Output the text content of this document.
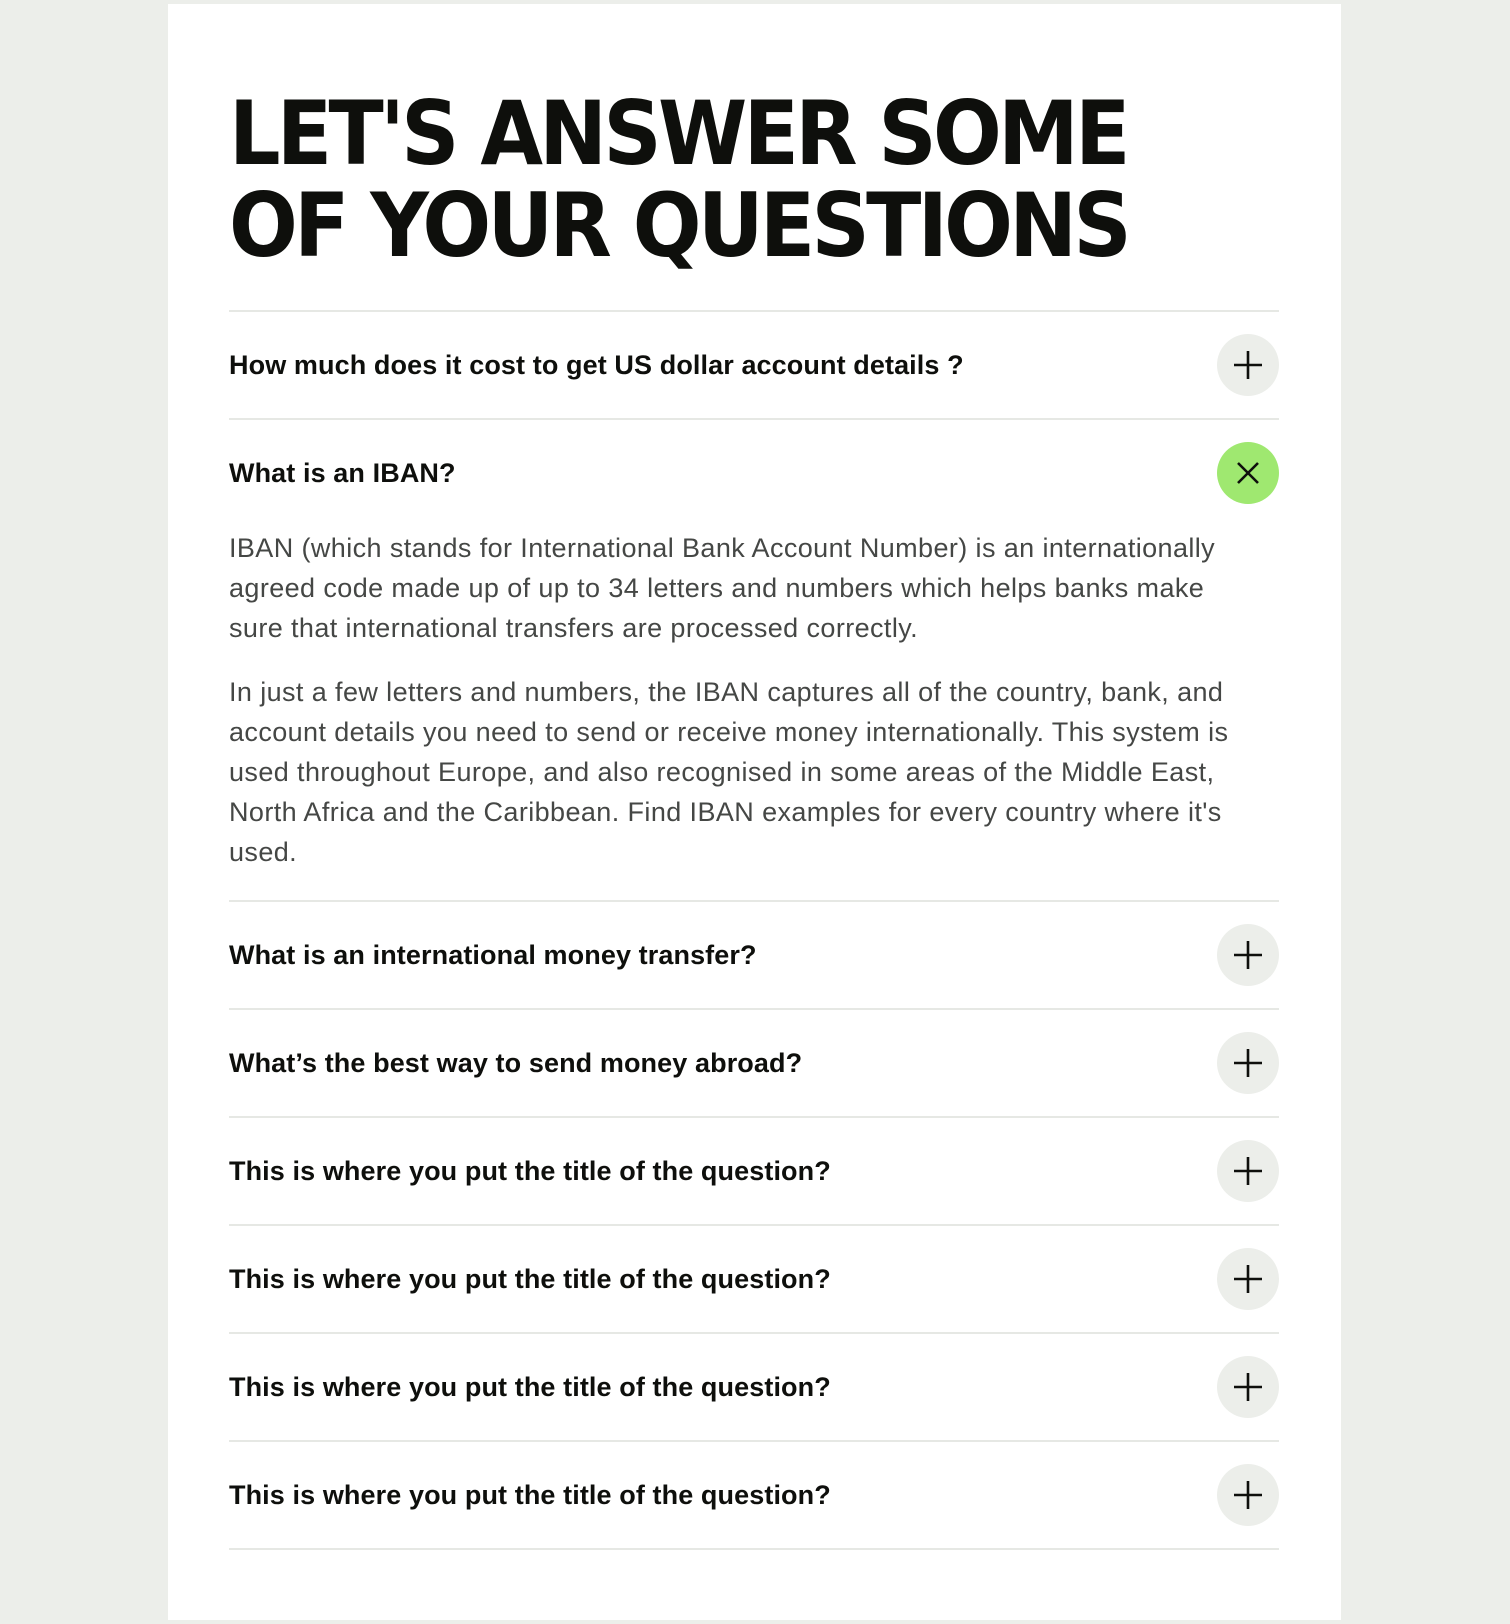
LET'S ANSWER SOME
OF YOUR QUESTIONS
How much does it cost to get US dollar account details ?
What is an IBAN?

IBAN (which stands for International Bank Account Number) is an internationally agreed code made up of up to 34 letters and numbers which helps banks make sure that international transfers are processed correctly.

In just a few letters and numbers, the IBAN captures all of the country, bank, and account details you need to send or receive money internationally. This system is used throughout Europe, and also recognised in some areas of the Middle East, North Africa and the Caribbean. Find IBAN examples for every country where it's used.

What is an international money transfer?
What’s the best way to send money abroad?
This is where you put the title of the question?
This is where you put the title of the question?
This is where you put the title of the question?
This is where you put the title of the question?
